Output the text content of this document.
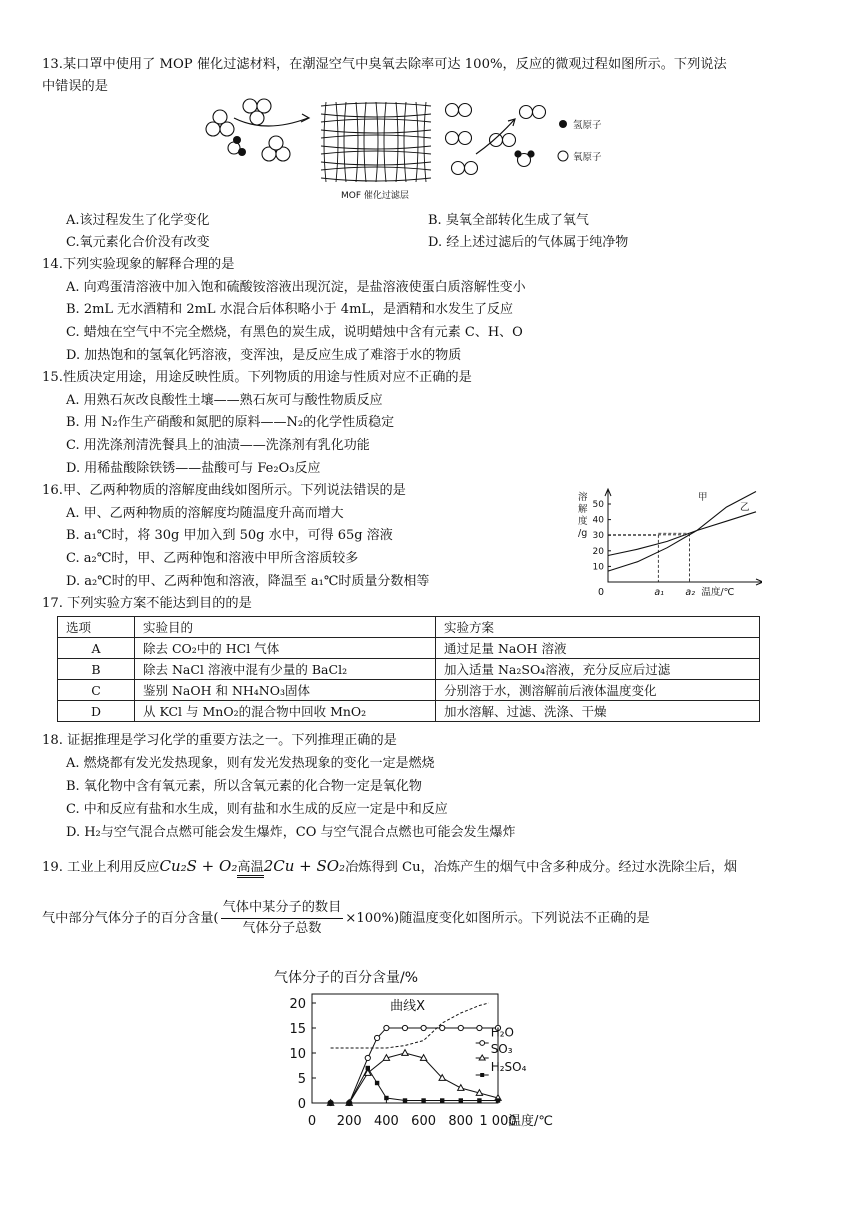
13.某口罩中使用了 MOP 催化过滤材料，在潮湿空气中臭氧去除率可达 100%，反应的微观过程如图所示。下列说法
中错误的是
MOF 催化过滤层
氢原子
氧原子
A.该过程发生了化学变化	B. 臭氧全部转化生成了氧气
C.氧元素化合价没有改变	D. 经上述过滤后的气体属于纯净物
14.下列实验现象的解释合理的是
A. 向鸡蛋清溶液中加入饱和硫酸铵溶液出现沉淀，是盐溶液使蛋白质溶解性变小
B. 2mL 无水酒精和 2mL 水混合后体积略小于 4mL，是酒精和水发生了反应
C. 蜡烛在空气中不完全燃烧，有黑色的炭生成，说明蜡烛中含有元素 C、H、O
D. 加热饱和的氢氧化钙溶液，变浑浊，是反应生成了难溶于水的物质
15.性质决定用途，用途反映性质。下列物质的用途与性质对应不正确的是
A. 用熟石灰改良酸性土壤——熟石灰可与酸性物质反应
B. 用 N₂作生产硝酸和氮肥的原料——N₂的化学性质稳定
C. 用洗涤剂清洗餐具上的油渍——洗涤剂有乳化功能
D. 用稀盐酸除铁锈——盐酸可与 Fe₂O₃反应
16.甲、乙两种物质的溶解度曲线如图所示。下列说法错误的是
A. 甲、乙两种物质的溶解度均随温度升高而增大
B. a₁℃时，将 30g 甲加入到 50g 水中，可得 65g 溶液
C. a₂℃时，甲、乙两种饱和溶液中甲所含溶质较多
D. a₂℃时的甲、乙两种饱和溶液，降温至 a₁℃时质量分数相等
溶
解
度
/g
10
20
30
40
50
0	a₁ a₂ 温度/℃
甲
乙
17. 下列实验方案不能达到目的的是
选项	实验目的	实验方案
A	除去 CO₂中的 HCl 气体	通过足量 NaOH 溶液
B	除去 NaCl 溶液中混有少量的 BaCl₂	加入适量 Na₂SO₄溶液，充分反应后过滤
C	鉴别 NaOH 和 NH₄NO₃固体	分别溶于水，测溶解前后液体温度变化
D	从 KCl 与 MnO₂的混合物中回收 MnO₂	加水溶解、过滤、洗涤、干燥
18. 证据推理是学习化学的重要方法之一。下列推理正确的是
A. 燃烧都有发光发热现象，则有发光发热现象的变化一定是燃烧
B. 氧化物中含有氧元素，所以含氧元素的化合物一定是氧化物
C. 中和反应有盐和水生成，则有盐和水生成的反应一定是中和反应
D. H₂与空气混合点燃可能会发生爆炸，CO 与空气混合点燃也可能会发生爆炸
19. 工业上利用反应Cu₂S + O₂高温2Cu + SO₂冶炼得到 Cu，冶炼产生的烟气中含多种成分。经过水洗除尘后，烟
气中部分气体分子的百分含量( $\frac{\text{气体中某分子的数目}}{\text{气体分子总数}} \times 100\%$)随温度变化如图所示。下列说法不正确的是
气体分子的百分含量/%
0
5
10
15
20
0 200 400 600 800 1 000
温度/℃
曲线X
H₂O
SO₃
H₂SO₄
